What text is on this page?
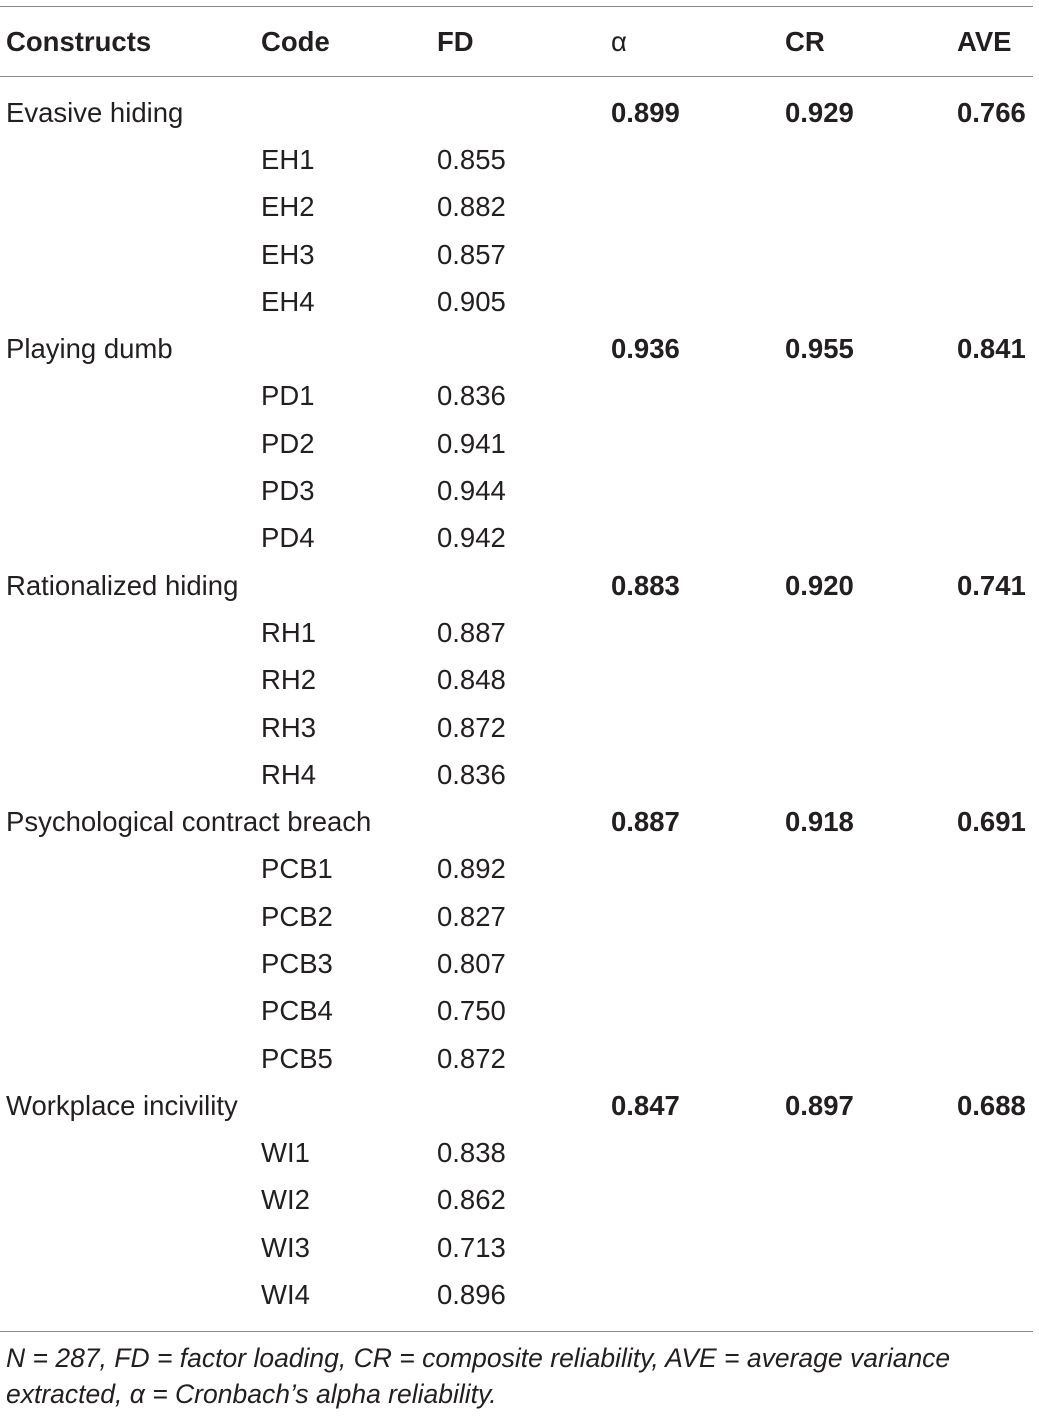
Constructs	Code	FD	α	CR	AVE

Evasive hiding			0.899	0.929	0.766
	EH1	0.855			
	EH2	0.882			
	EH3	0.857			
	EH4	0.905			
Playing dumb			0.936	0.955	0.841
	PD1	0.836			
	PD2	0.941			
	PD3	0.944			
	PD4	0.942			
Rationalized hiding			0.883	0.920	0.741
	RH1	0.887			
	RH2	0.848			
	RH3	0.872			
	RH4	0.836			
Psychological contract breach			0.887	0.918	0.691
	PCB1	0.892			
	PCB2	0.827			
	PCB3	0.807			
	PCB4	0.750			
	PCB5	0.872			
Workplace incivility			0.847	0.897	0.688
	WI1	0.838			
	WI2	0.862			
	WI3	0.713			
	WI4	0.896			
N = 287, FD = factor loading, CR = composite reliability, AVE = average variance extracted, α = Cronbach’s alpha reliability.
